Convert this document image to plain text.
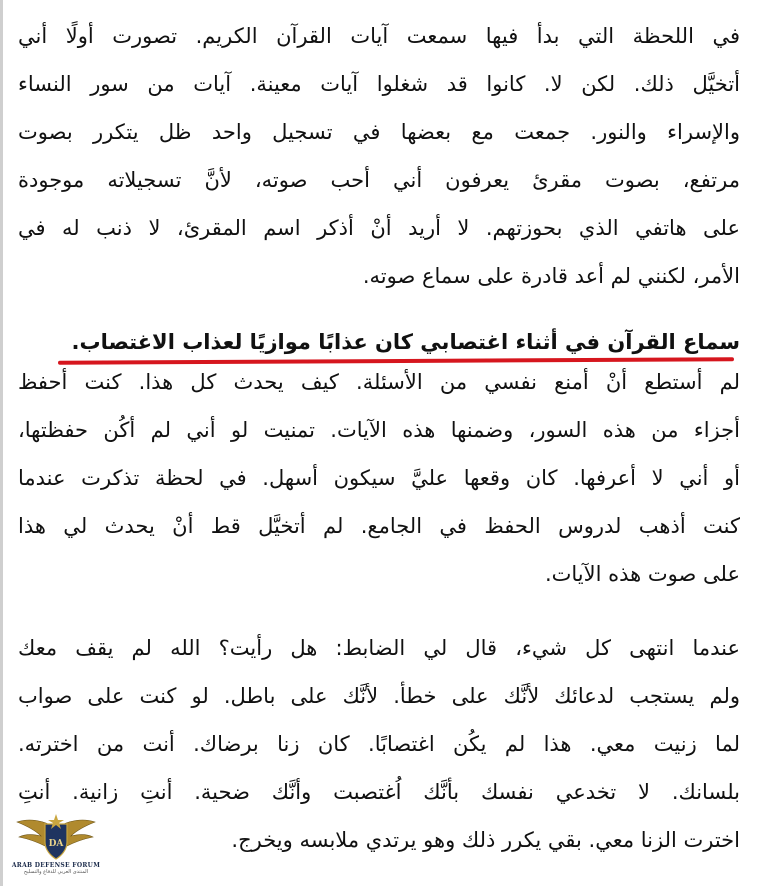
في اللحظة التي بدأ فيها سمعت آيات القرآن الكريم. تصورت أولًا أني
أتخيَّل ذلك. لكن لا. كانوا قد شغلوا آيات معينة. آيات من سور النساء
والإسراء والنور. جمعت مع بعضها في تسجيل واحد ظل يتكرر بصوت
مرتفع، بصوت مقرئ يعرفون أني أحب صوته، لأنَّ تسجيلاته موجودة
على هاتفي الذي بحوزتهم. لا أريد أنْ أذكر اسم المقرئ، لا ذنب له في
الأمر، لكنني لم أعد قادرة على سماع صوته.
سماع القرآن في أثناء اغتصابي كان عذابًا موازيًا لعذاب الاغتصاب.
لم أستطع أنْ أمنع نفسي من الأسئلة. كيف يحدث كل هذا. كنت أحفظ
أجزاء من هذه السور، وضمنها هذه الآيات. تمنيت لو أني لم أكُن حفظتها،
أو أني لا أعرفها. كان وقعها عليَّ سيكون أسهل. في لحظة تذكرت عندما
كنت أذهب لدروس الحفظ في الجامع. لم أتخيَّل قط أنْ يحدث لي هذا
على صوت هذه الآيات.
عندما انتهى كل شيء، قال لي الضابط: هل رأيت؟ الله لم يقف معك
ولم يستجب لدعائك لأنَّك على خطأ. لأنَّك على باطل. لو كنت على صواب
لما زنيت معي. هذا لم يكُن اغتصابًا. كان زنا برضاك. أنت من اخترته.
بلسانك. لا تخدعي نفسك بأنَّك اُغتصبت وأنَّك ضحية. أنتِ زانية. أنتِ
اخترت الزنا معي. بقي يكرر ذلك وهو يرتدي ملابسه ويخرج.
DA
ARAB DEFENSE FORUM
المنتدى العربي للدفاع والتسليح
